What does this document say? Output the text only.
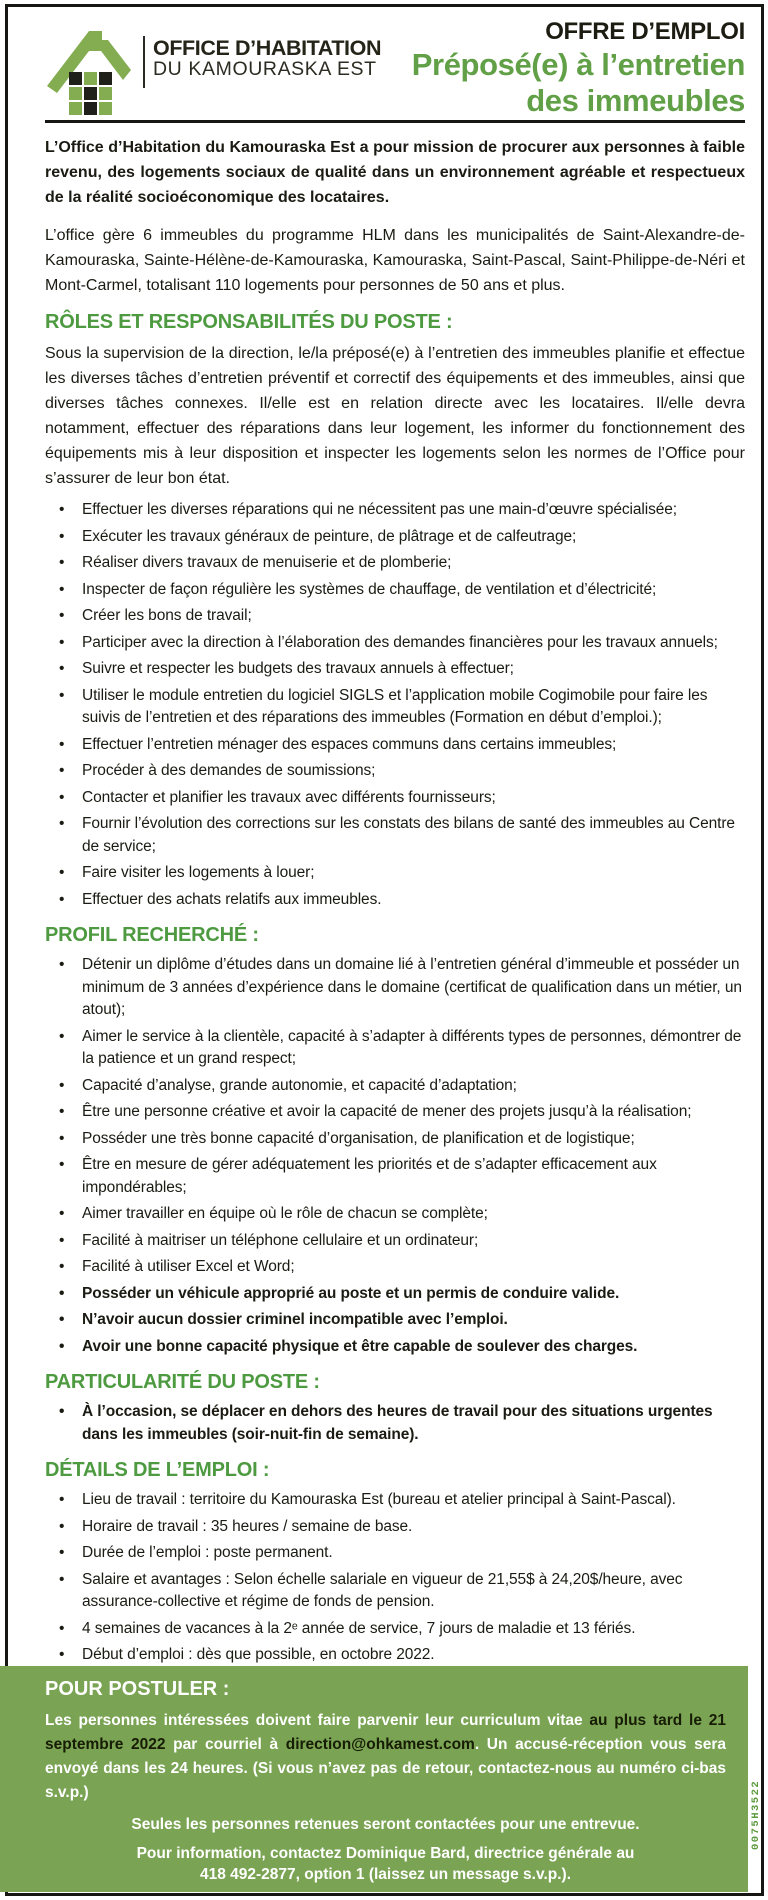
OFFICE D’HABITATION
DU KAMOURASKA EST
OFFRE D’EMPLOI
Préposé(e) à l’entretien
des immeubles

L’Office d’Habitation du Kamouraska Est a pour mission de procurer aux personnes à faible revenu, des logements sociaux de qualité dans un environnement agréable et respectueux de la réalité socioéconomique des locataires.

L’office gère 6 immeubles du programme HLM dans les municipalités de Saint-Alexandre-de-Kamouraska, Sainte-Hélène-de-Kamouraska, Kamouraska, Saint-Pascal, Saint-Philippe-de-Néri et Mont-Carmel, totalisant 110 logements pour personnes de 50 ans et plus.

RÔLES ET RESPONSABILITÉS DU POSTE :

Sous la supervision de la direction, le/la préposé(e) à l’entretien des immeubles planifie et effectue les diverses tâches d’entretien préventif et correctif des équipements et des immeubles, ainsi que diverses tâches connexes. Il/elle est en relation directe avec les locataires. Il/elle devra notamment, effectuer des réparations dans leur logement, les informer du fonctionnement des équipements mis à leur disposition et inspecter les logements selon les normes de l’Office pour s’assurer de leur bon état.

• Effectuer les diverses réparations qui ne nécessitent pas une main-d’œuvre spécialisée;
• Exécuter les travaux généraux de peinture, de plâtrage et de calfeutrage;
• Réaliser divers travaux de menuiserie et de plomberie;
• Inspecter de façon régulière les systèmes de chauffage, de ventilation et d’électricité;
• Créer les bons de travail;
• Participer avec la direction à l’élaboration des demandes financières pour les travaux annuels;
• Suivre et respecter les budgets des travaux annuels à effectuer;
• Utiliser le module entretien du logiciel SIGLS et l’application mobile Cogimobile pour faire les suivis de l’entretien et des réparations des immeubles (Formation en début d’emploi.);
• Effectuer l’entretien ménager des espaces communs dans certains immeubles;
• Procéder à des demandes de soumissions;
• Contacter et planifier les travaux avec différents fournisseurs;
• Fournir l’évolution des corrections sur les constats des bilans de santé des immeubles au Centre de service;
• Faire visiter les logements à louer;
• Effectuer des achats relatifs aux immeubles.
PROFIL RECHERCHÉ :
• Détenir un diplôme d’études dans un domaine lié à l’entretien général d’immeuble et posséder un minimum de 3 années d’expérience dans le domaine (certificat de qualification dans un métier, un atout);
• Aimer le service à la clientèle, capacité à s’adapter à différents types de personnes, démontrer de la patience et un grand respect;
• Capacité d’analyse, grande autonomie, et capacité d’adaptation;
• Être une personne créative et avoir la capacité de mener des projets jusqu’à la réalisation;
• Posséder une très bonne capacité d’organisation, de planification et de logistique;
• Être en mesure de gérer adéquatement les priorités et de s’adapter efficacement aux impondérables;
• Aimer travailler en équipe où le rôle de chacun se complète;
• Facilité à maitriser un téléphone cellulaire et un ordinateur;
• Facilité à utiliser Excel et Word;
• Posséder un véhicule approprié au poste et un permis de conduire valide.
• N’avoir aucun dossier criminel incompatible avec l’emploi.
• Avoir une bonne capacité physique et être capable de soulever des charges.
PARTICULARITÉ DU POSTE :
• À l’occasion, se déplacer en dehors des heures de travail pour des situations urgentes dans les immeubles (soir-nuit-fin de semaine).
DÉTAILS DE L’EMPLOI :
• Lieu de travail : territoire du Kamouraska Est (bureau et atelier principal à Saint-Pascal).
• Horaire de travail : 35 heures / semaine de base.
• Durée de l’emploi : poste permanent.
• Salaire et avantages : Selon échelle salariale en vigueur de 21,55$ à 24,20$/heure, avec assurance-collective et régime de fonds de pension.
• 4 semaines de vacances à la 2ᵉ année de service, 7 jours de maladie et 13 fériés.
• Début d’emploi : dès que possible, en octobre 2022.
POUR POSTULER :

Les personnes intéressées doivent faire parvenir leur curriculum vitae au plus tard le 21 septembre 2022 par courriel à direction@ohkamest.com. Un accusé-réception vous sera envoyé dans les 24 heures. (Si vous n’avez pas de retour, contactez-nous au numéro ci-bas s.v.p.)

Seules les personnes retenues seront contactées pour une entrevue.

Pour information, contactez Dominique Bard, directrice générale au

418 492-2877, option 1 (laissez un message s.v.p.).

0075H3522
